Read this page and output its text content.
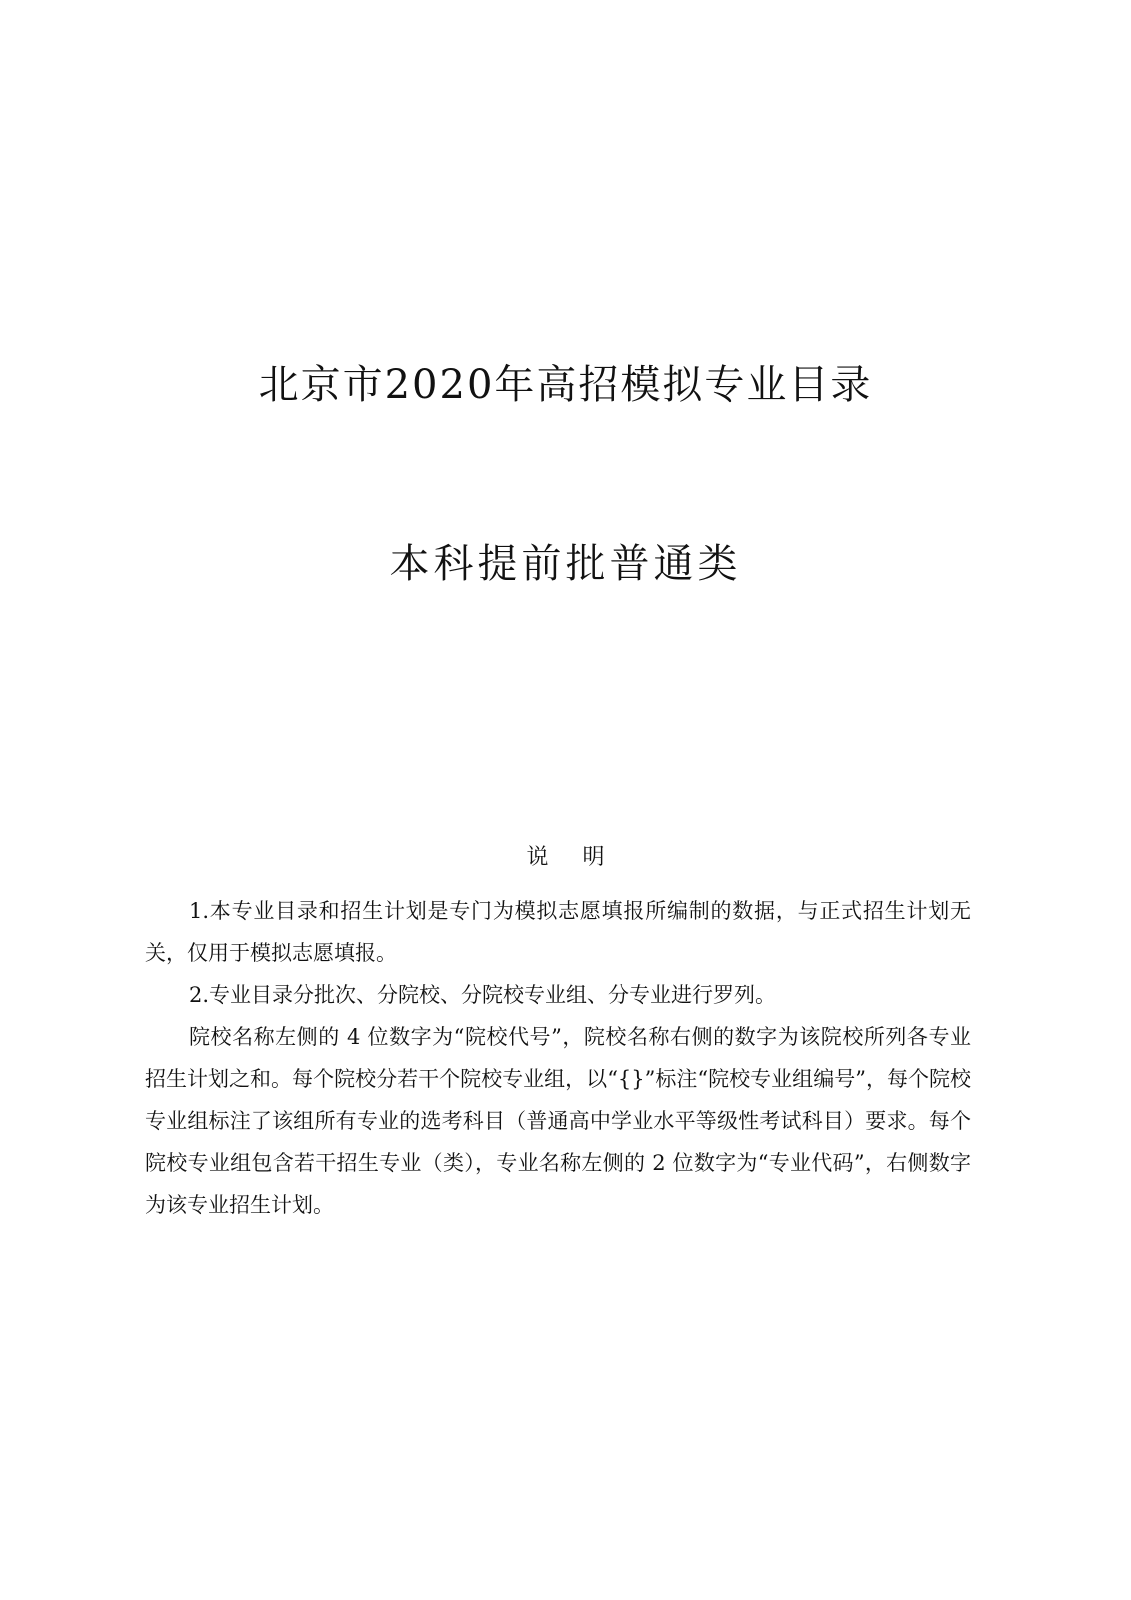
北京市2020年高招模拟专业目录
本科提前批普通类
说明

1.本专业目录和招生计划是专门为模拟志愿填报所编制的数据，与正式招生计划无关，仅用于模拟志愿填报。

2.专业目录分批次、分院校、分院校专业组、分专业进行罗列。

院校名称左侧的 4 位数字为“院校代号”，院校名称右侧的数字为该院校所列各专业招生计划之和。每个院校分若干个院校专业组，以“{}”标注“院校专业组编号”，每个院校专业组标注了该组所有专业的选考科目（普通高中学业水平等级性考试科目）要求。每个院校专业组包含若干招生专业（类），专业名称左侧的 2 位数字为“专业代码”，右侧数字为该专业招生计划。
